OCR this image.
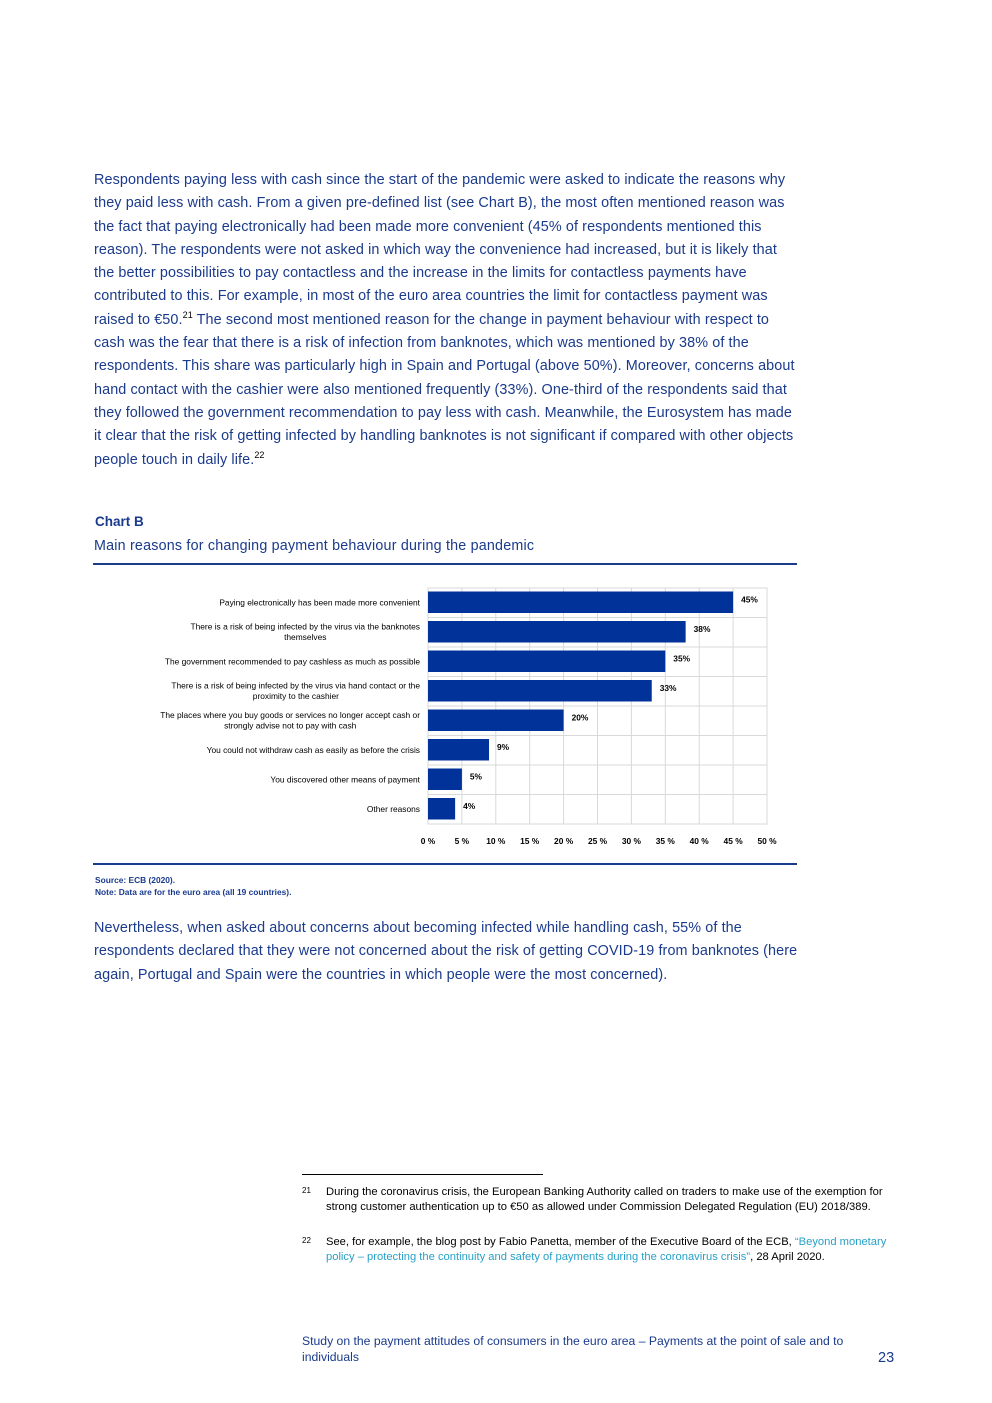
Respondents paying less with cash since the start of the pandemic were asked to indicate the reasons why they paid less with cash. From a given pre-defined list (see Chart B), the most often mentioned reason was the fact that paying electronically had been made more convenient (45% of respondents mentioned this reason). The respondents were not asked in which way the convenience had increased, but it is likely that the better possibilities to pay contactless and the increase in the limits for contactless payments have contributed to this. For example, in most of the euro area countries the limit for contactless payment was raised to €50.21 The second most mentioned reason for the change in payment behaviour with respect to cash was the fear that there is a risk of infection from banknotes, which was mentioned by 38% of the respondents. This share was particularly high in Spain and Portugal (above 50%). Moreover, concerns about hand contact with the cashier were also mentioned frequently (33%). One-third of the respondents said that they followed the government recommendation to pay less with cash. Meanwhile, the Eurosystem has made it clear that the risk of getting infected by handling banknotes is not significant if compared with other objects people touch in daily life.$^{22}$

Chart B
Main reasons for changing payment behaviour during the pandemic
Paying electronically has been made more convenient
There is a risk of being infected by the virus via the banknotes
themselves
The government recommended to pay cashless as much as possible
There is a risk of being infected by the virus via hand contact or the
proximity to the cashier
The places where you buy goods or services no longer accept cash or
strongly advise not to pay with cash
You could not withdraw cash as easily as before the crisis
You discovered other means of payment
Other reasons
45%
38%
35%
33%
20%
9%
5%
4%
0 % 5 % 10 % 15 % 20 % 25 % 30 % 35 % 40 % 45 % 50 %
Source: ECB (2020).
Note: Data are for the euro area (all 19 countries).

Nevertheless, when asked about concerns about becoming infected while handling cash, 55% of the respondents declared that they were not concerned about the risk of getting COVID-19 from banknotes (here again, Portugal and Spain were the countries in which people were the most concerned).

21 During the coronavirus crisis, the European Banking Authority called on traders to make use of the exemption for strong customer authentication up to €50 as allowed under Commission Delegated Regulation (EU) 2018/389.
22 See, for example, the blog post by Fabio Panetta, member of the Executive Board of the ECB, “Beyond monetary policy – protecting the continuity and safety of payments during the coronavirus crisis”, 28 April 2020.
Study on the payment attitudes of consumers in the euro area – Payments at the point of sale and to individuals	23
